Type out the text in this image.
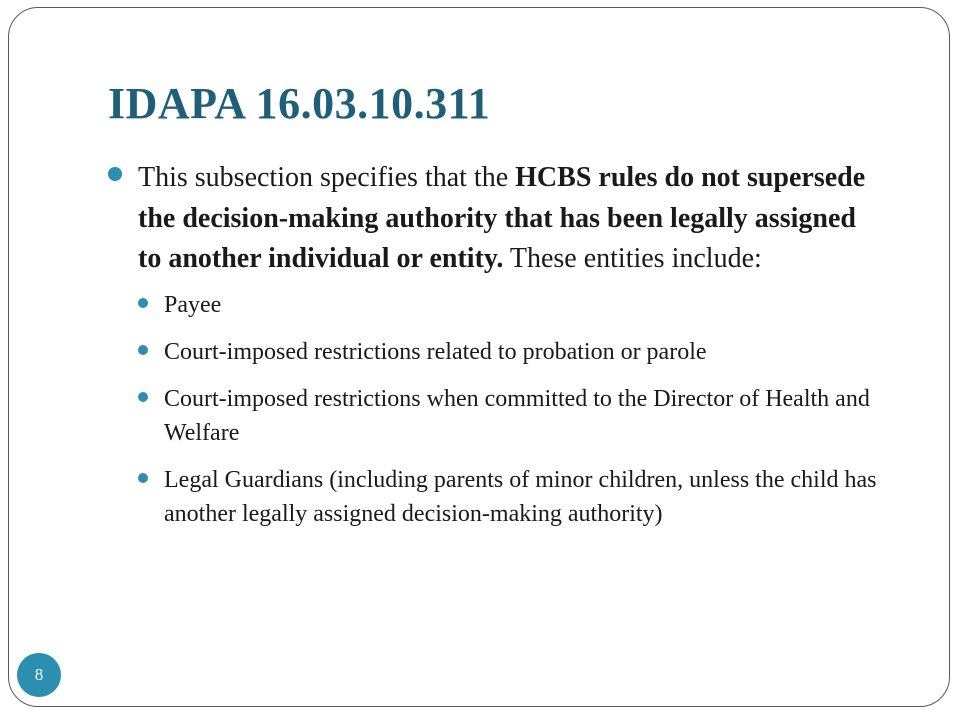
IDAPA 16.03.10.311

This subsection specifies that the HCBS rules do not supersede the decision-making authority that has been legally assigned to another individual or entity. These entities include:

Payee
Court-imposed restrictions related to probation or parole
Court-imposed restrictions when committed to the Director of Health and Welfare
Legal Guardians (including parents of minor children, unless the child has another legally assigned decision-making authority)
8
